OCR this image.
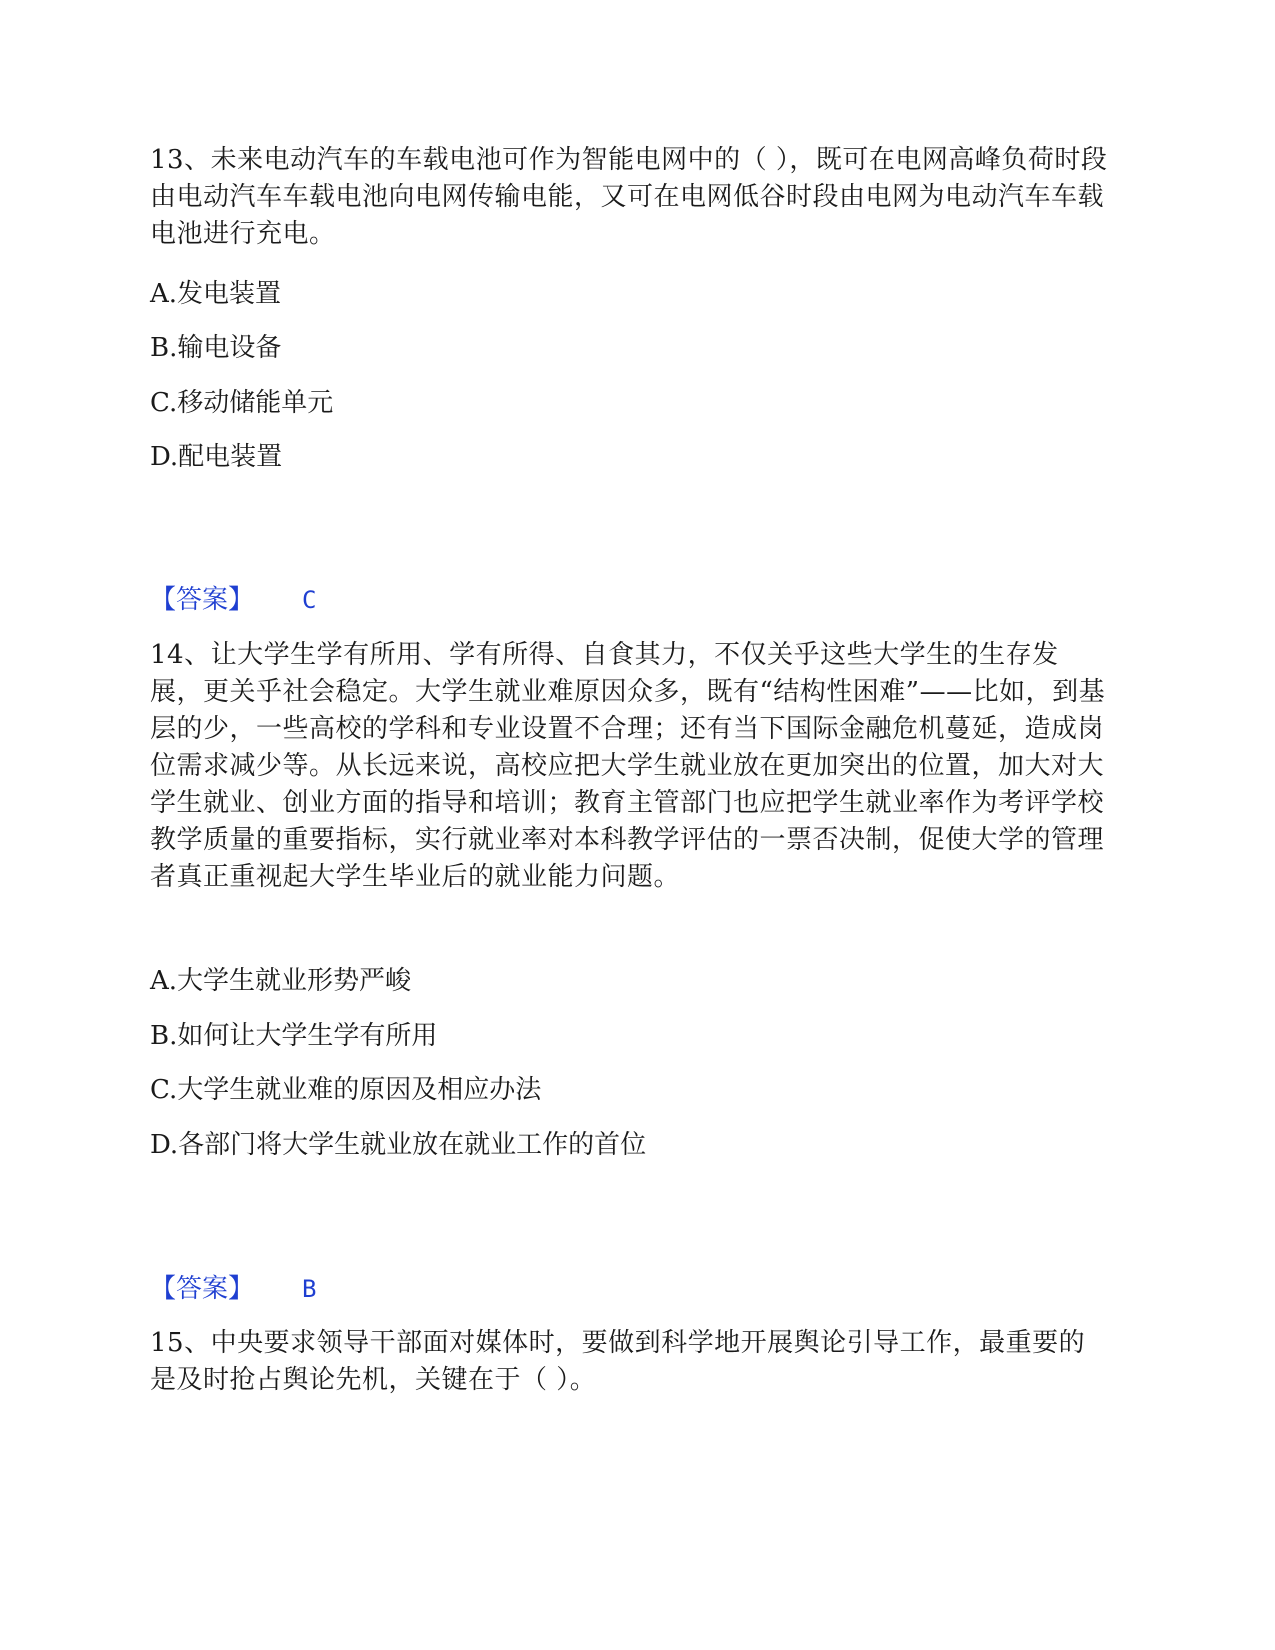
13、未来电动汽车的车载电池可作为智能电网中的（ ），既可在电网高峰负荷时段由电动汽车车载电池向电网传输电能，又可在电网低谷时段由电网为电动汽车车载电池进行充电。

A.发电装置
B.输电设备
C.移动储能单元
D.配电装置
【答案】 C

14、让大学生学有所用、学有所得、自食其力，不仅关乎这些大学生的生存发展，更关乎社会稳定。大学生就业难原因众多，既有“结构性困难”——比如，到基层的少，一些高校的学科和专业设置不合理；还有当下国际金融危机蔓延，造成岗位需求减少等。从长远来说，高校应把大学生就业放在更加突出的位置，加大对大学生就业、创业方面的指导和培训；教育主管部门也应把学生就业率作为考评学校教学质量的重要指标，实行就业率对本科教学评估的一票否决制，促使大学的管理者真正重视起大学生毕业后的就业能力问题。

A.大学生就业形势严峻
B.如何让大学生学有所用
C.大学生就业难的原因及相应办法
D.各部门将大学生就业放在就业工作的首位
【答案】 B

15、中央要求领导干部面对媒体时，要做到科学地开展舆论引导工作，最重要的是及时抢占舆论先机，关键在于（ ）。
